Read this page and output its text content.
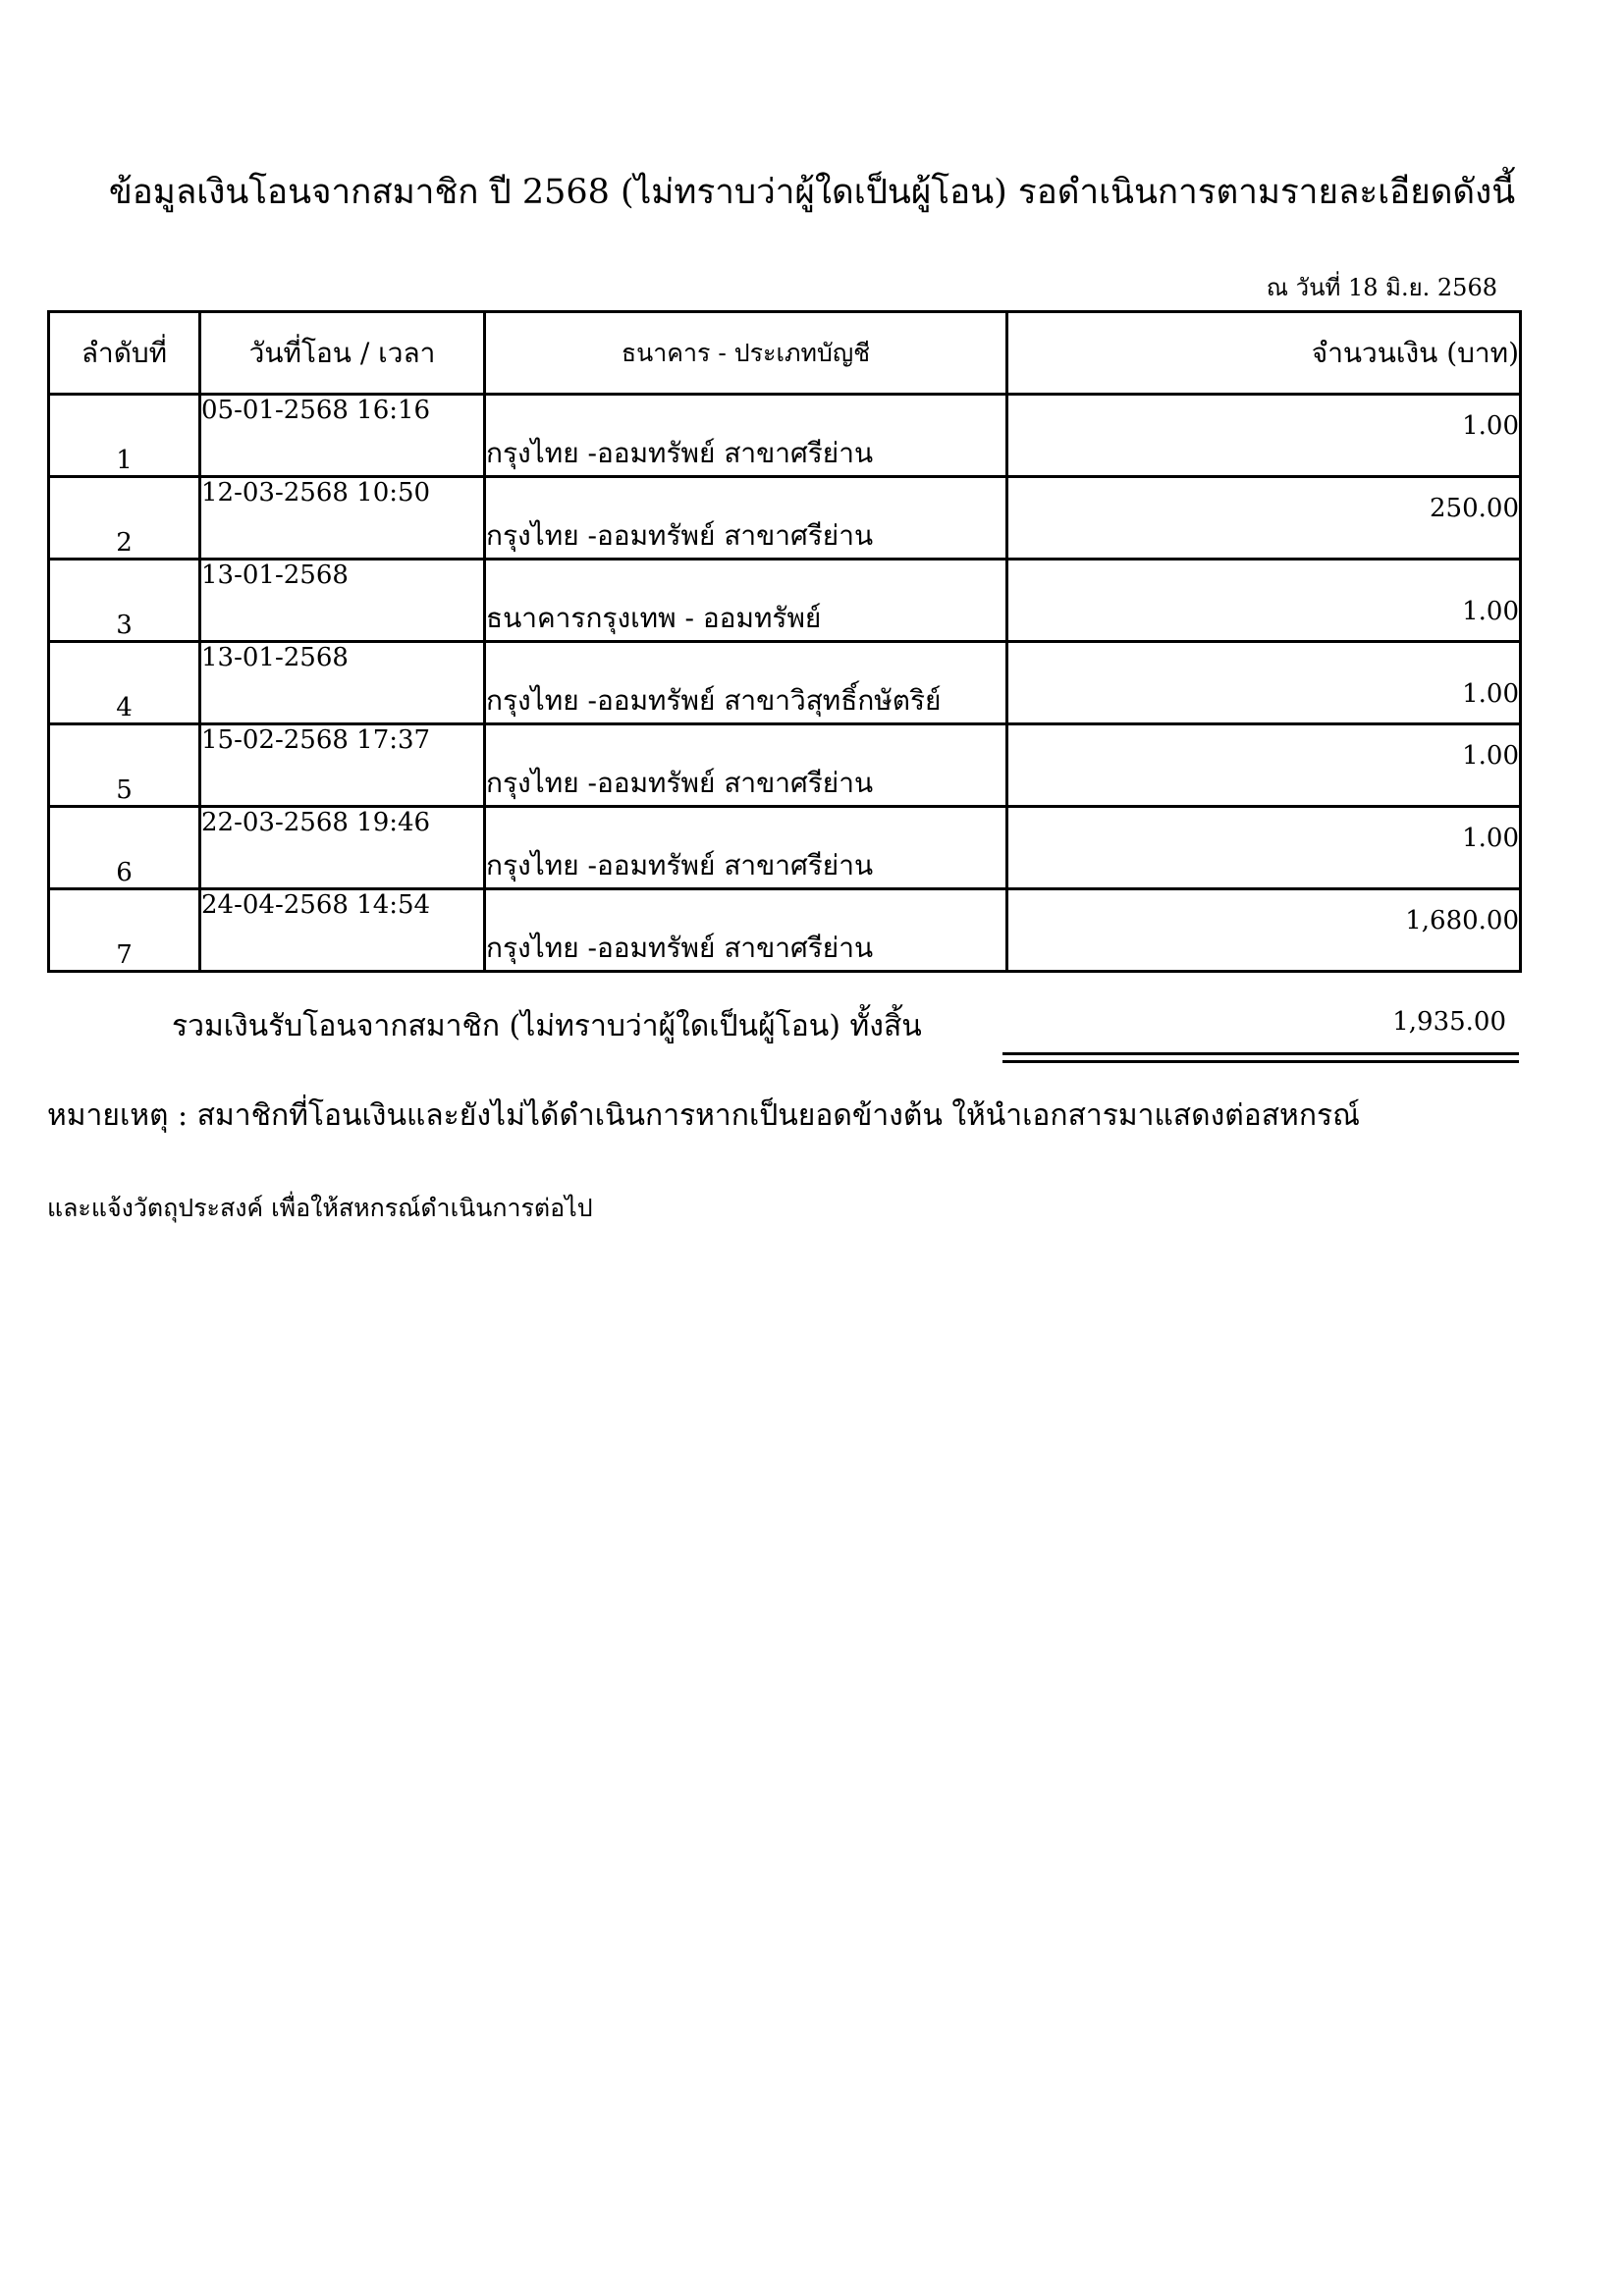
ข้อมูลเงินโอนจากสมาชิก ปี 2568 (ไม่ทราบว่าผู้ใดเป็นผู้โอน) รอดำเนินการตามรายละเอียดดังนี้
ณ วันที่ 18 มิ.ย. 2568
ลำดับที่	วันที่โอน / เวลา	ธนาคาร - ประเภทบัญชี	จำนวนเงิน (บาท)
1	05-01-2568 16:16	กรุงไทย -ออมทรัพย์ สาขาศรีย่าน	1.00
2	12-03-2568 10:50	กรุงไทย -ออมทรัพย์ สาขาศรีย่าน	250.00
3	13-01-2568	ธนาคารกรุงเทพ - ออมทรัพย์	1.00
4	13-01-2568	กรุงไทย -ออมทรัพย์ สาขาวิสุทธิ์กษัตริย์	1.00
5	15-02-2568 17:37	กรุงไทย -ออมทรัพย์ สาขาศรีย่าน	1.00
6	22-03-2568 19:46	กรุงไทย -ออมทรัพย์ สาขาศรีย่าน	1.00
7	24-04-2568 14:54	กรุงไทย -ออมทรัพย์ สาขาศรีย่าน	1,680.00
รวมเงินรับโอนจากสมาชิก (ไม่ทราบว่าผู้ใดเป็นผู้โอน) ทั้งสิ้น	1,935.00
หมายเหตุ : สมาชิกที่โอนเงินและยังไม่ได้ดำเนินการหากเป็นยอดข้างต้น ให้นำเอกสารมาแสดงต่อสหกรณ์
และแจ้งวัตถุประสงค์ เพื่อให้สหกรณ์ดำเนินการต่อไป
